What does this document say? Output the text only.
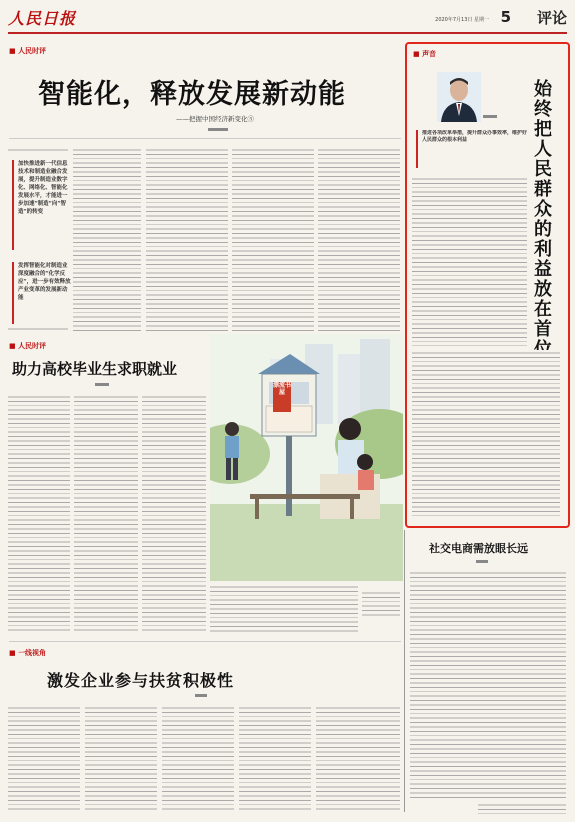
人民日报	2020年7月13日 星期一 5 评论
■ 人民时评
智能化，释放发展新动能
——把握中国经济新变化⑤
加快推进新一代信息技术和制造业融合发展，提升制造业数字化、网络化、智能化发展水平，才能进一步加速“制造”向“智造”的转变
发挥智能化对制造业深度融合的“化学反应”，进一步有效释放产业变革的发展新动能
■ 人民时评
助力高校毕业生求职就业
漂流书屋
■ 一线视角
激发企业参与扶贫积极性
■ 声音
始终把人民群众的利益放在首
推进各项改革举措，提升群众办事效率，维护好人民群众的根本利益
社交电商需放眼长远
